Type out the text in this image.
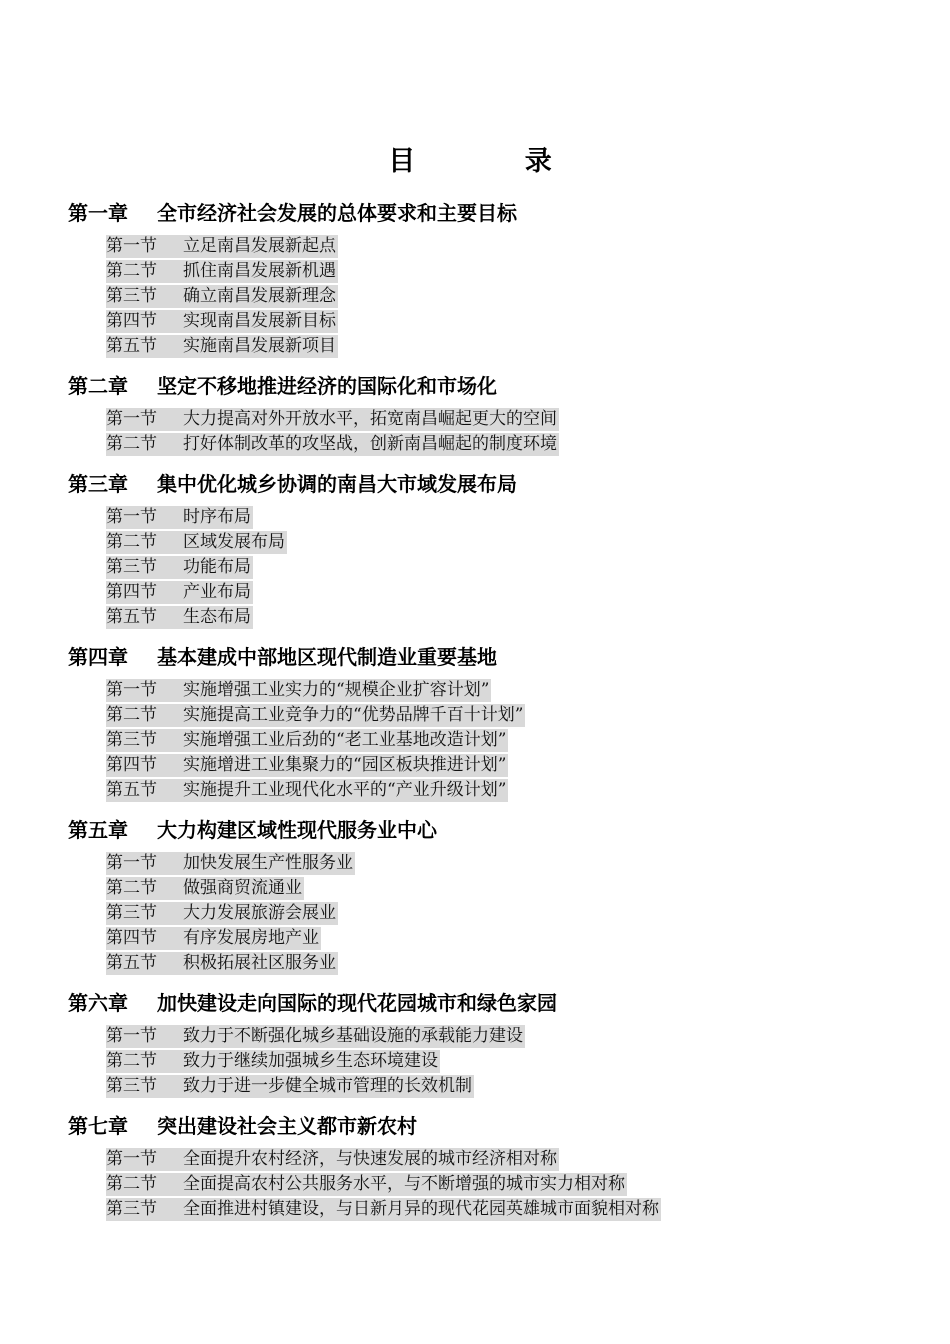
目 录
第一章 全市经济社会发展的总体要求和主要目标
第一节 立足南昌发展新起点
第二节 抓住南昌发展新机遇
第三节 确立南昌发展新理念
第四节 实现南昌发展新目标
第五节 实施南昌发展新项目
第二章 坚定不移地推进经济的国际化和市场化
第一节 大力提高对外开放水平，拓宽南昌崛起更大的空间
第二节 打好体制改革的攻坚战，创新南昌崛起的制度环境
第三章 集中优化城乡协调的南昌大市域发展布局
第一节 时序布局
第二节 区域发展布局
第三节 功能布局
第四节 产业布局
第五节 生态布局
第四章 基本建成中部地区现代制造业重要基地
第一节 实施增强工业实力的“规模企业扩容计划”
第二节 实施提高工业竞争力的“优势品牌千百十计划”
第三节 实施增强工业后劲的“老工业基地改造计划”
第四节 实施增进工业集聚力的“园区板块推进计划”
第五节 实施提升工业现代化水平的“产业升级计划”
第五章 大力构建区域性现代服务业中心
第一节 加快发展生产性服务业
第二节 做强商贸流通业
第三节 大力发展旅游会展业
第四节 有序发展房地产业
第五节 积极拓展社区服务业
第六章 加快建设走向国际的现代花园城市和绿色家园
第一节 致力于不断强化城乡基础设施的承载能力建设
第二节 致力于继续加强城乡生态环境建设
第三节 致力于进一步健全城市管理的长效机制
第七章 突出建设社会主义都市新农村
第一节 全面提升农村经济，与快速发展的城市经济相对称
第二节 全面提高农村公共服务水平，与不断增强的城市实力相对称
第三节 全面推进村镇建设，与日新月异的现代花园英雄城市面貌相对称
